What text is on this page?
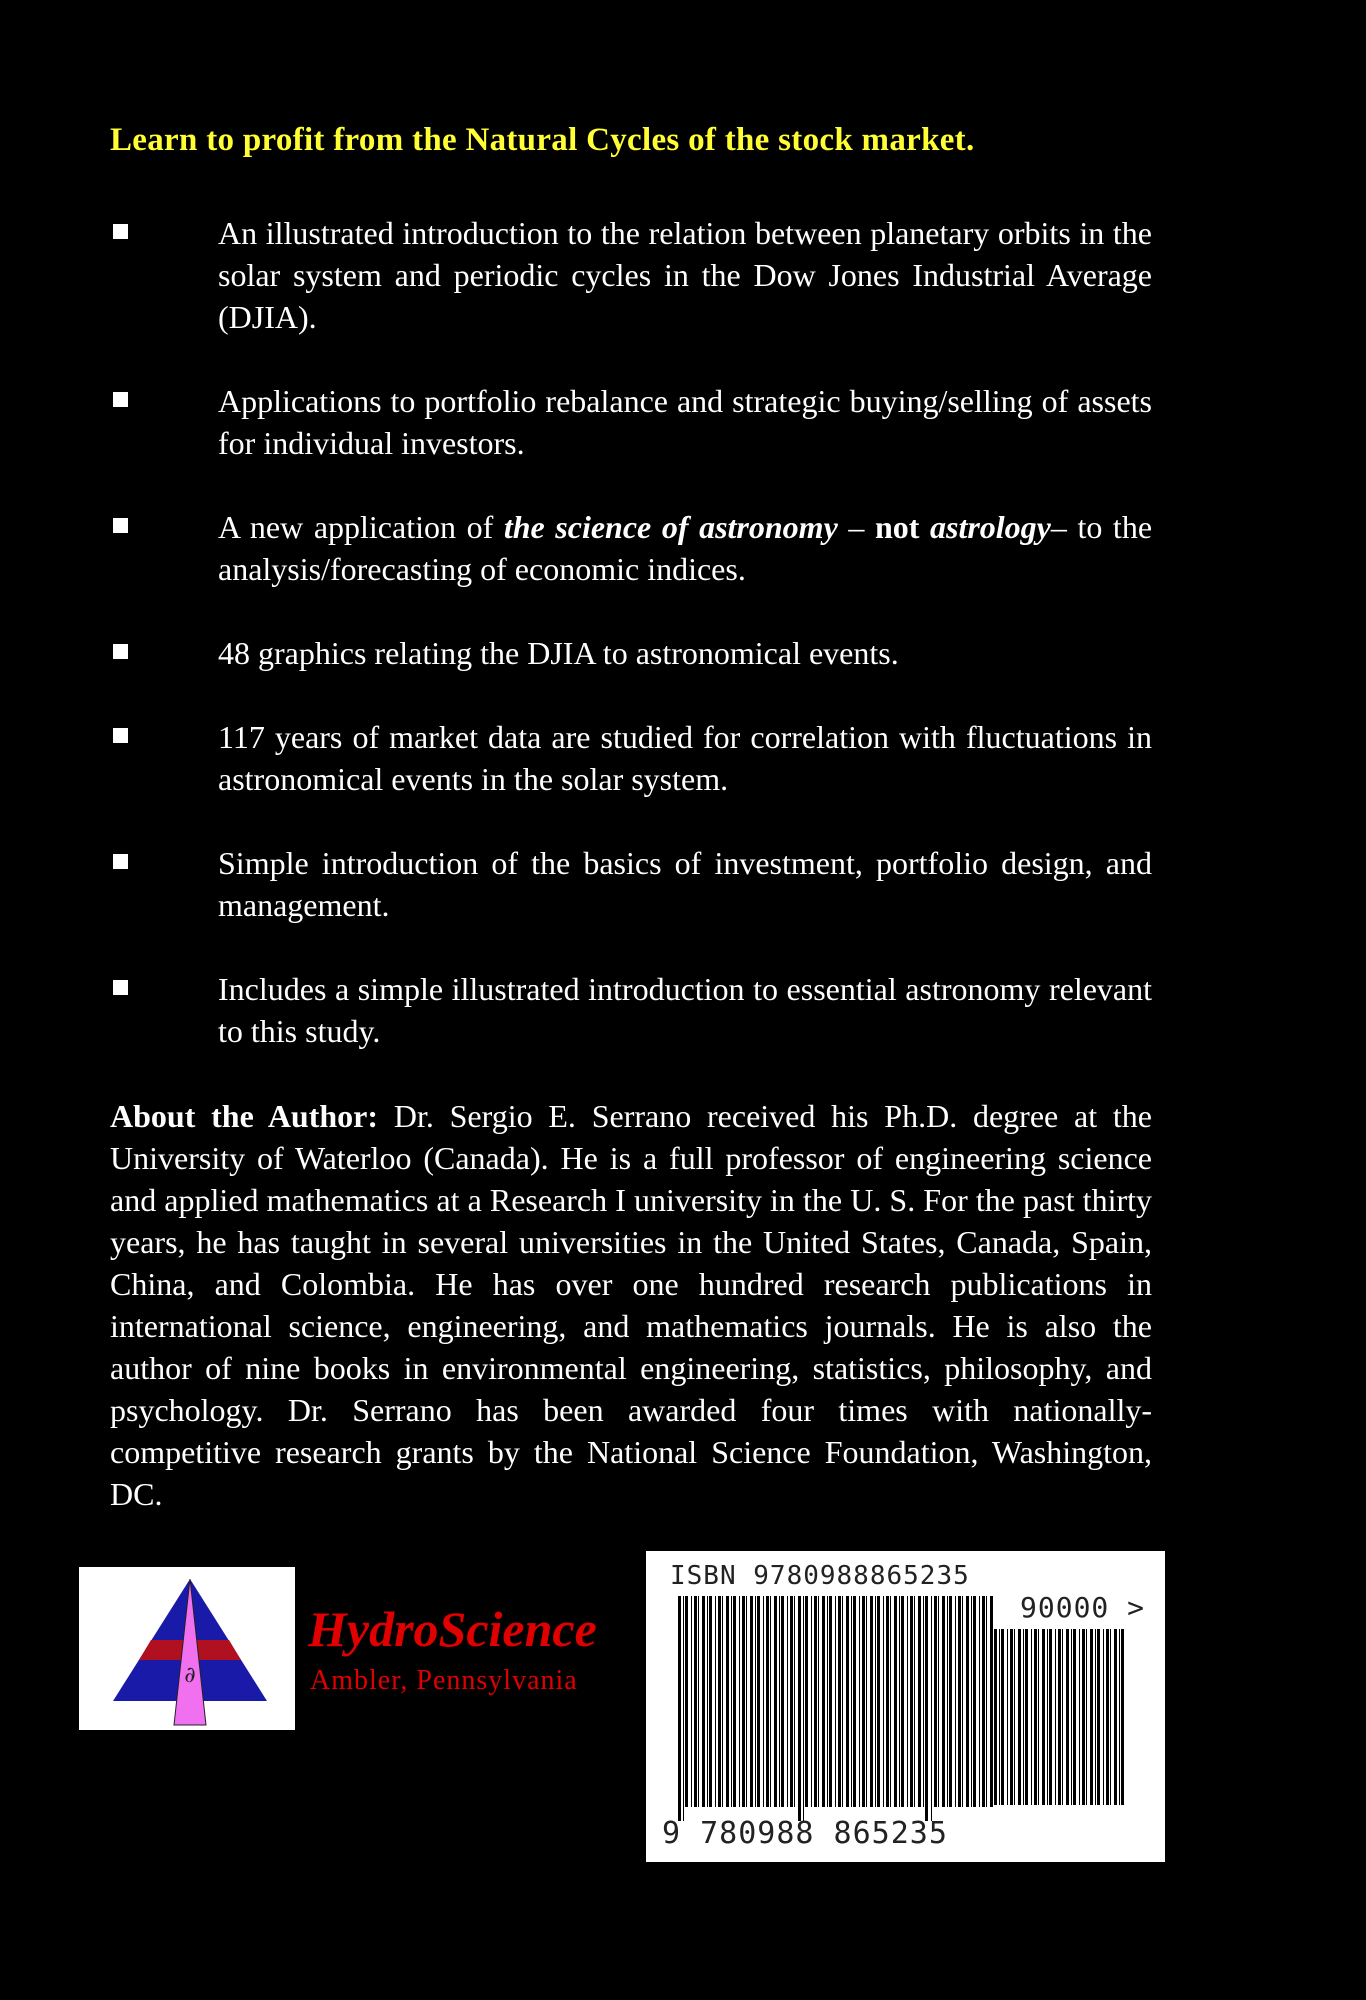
Learn to profit from the Natural Cycles of the stock market.
An illustrated introduction to the relation between planetary orbits in the solar system and periodic cycles in the Dow Jones Industrial Average (DJIA).
Applications to portfolio rebalance and strategic buying/selling of assets for individual investors.
A new application of the science of astronomy – not astrology– to the analysis/forecasting of economic indices.
48 graphics relating the DJIA to astronomical events.
117 years of market data are studied for correlation with fluctuations in astronomical events in the solar system.
Simple introduction of the basics of investment, portfolio design, and management.
Includes a simple illustrated introduction to essential astronomy relevant to this study.
About the Author: Dr. Sergio E. Serrano received his Ph.D. degree at the University of Waterloo (Canada). He is a full professor of engineering science and applied mathematics at a Research I university in the U. S. For the past thirty years, he has taught in several universities in the United States, Canada, Spain, China, and Colombia. He has over one hundred research publications in international science, engineering, and mathematics journals. He is also the author of nine books in environmental engineering, statistics, philosophy, and psychology. Dr. Serrano has been awarded four times with nationally-competitive research grants by the National Science Foundation, Washington, DC.
∂
HydroScience
Ambler, Pennsylvania
ISBN 9780988865235
90000 >
9 780988 865235
